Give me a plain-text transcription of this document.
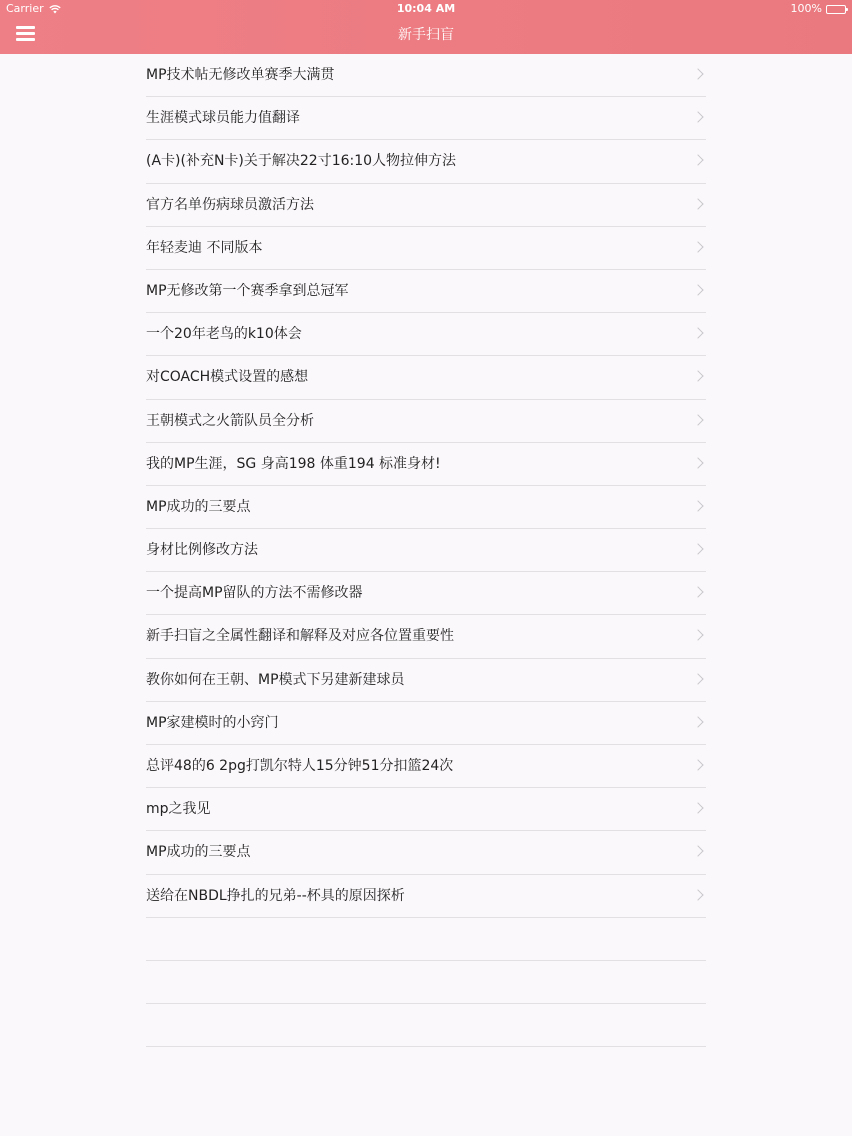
Carrier	10:04 AM	100%
新手扫盲
MP技术帖无修改单赛季大满贯
生涯模式球员能力值翻译
(A卡)(补充N卡)关于解决22寸16:10人物拉伸方法
官方名单伤病球员激活方法
年轻麦迪 不同版本
MP无修改第一个赛季拿到总冠军
一个20年老鸟的k10体会
对COACH模式设置的感想
王朝模式之火箭队员全分析
我的MP生涯，SG 身高198 体重194 标准身材!
MP成功的三要点
身材比例修改方法
一个提高MP留队的方法不需修改器
新手扫盲之全属性翻译和解释及对应各位置重要性
教你如何在王朝、MP模式下另建新建球员
MP家建模时的小窍门
总评48的6 2pg打凯尔特人15分钟51分扣篮24次
mp之我见
MP成功的三要点
送给在NBDL挣扎的兄弟--杯具的原因探析
